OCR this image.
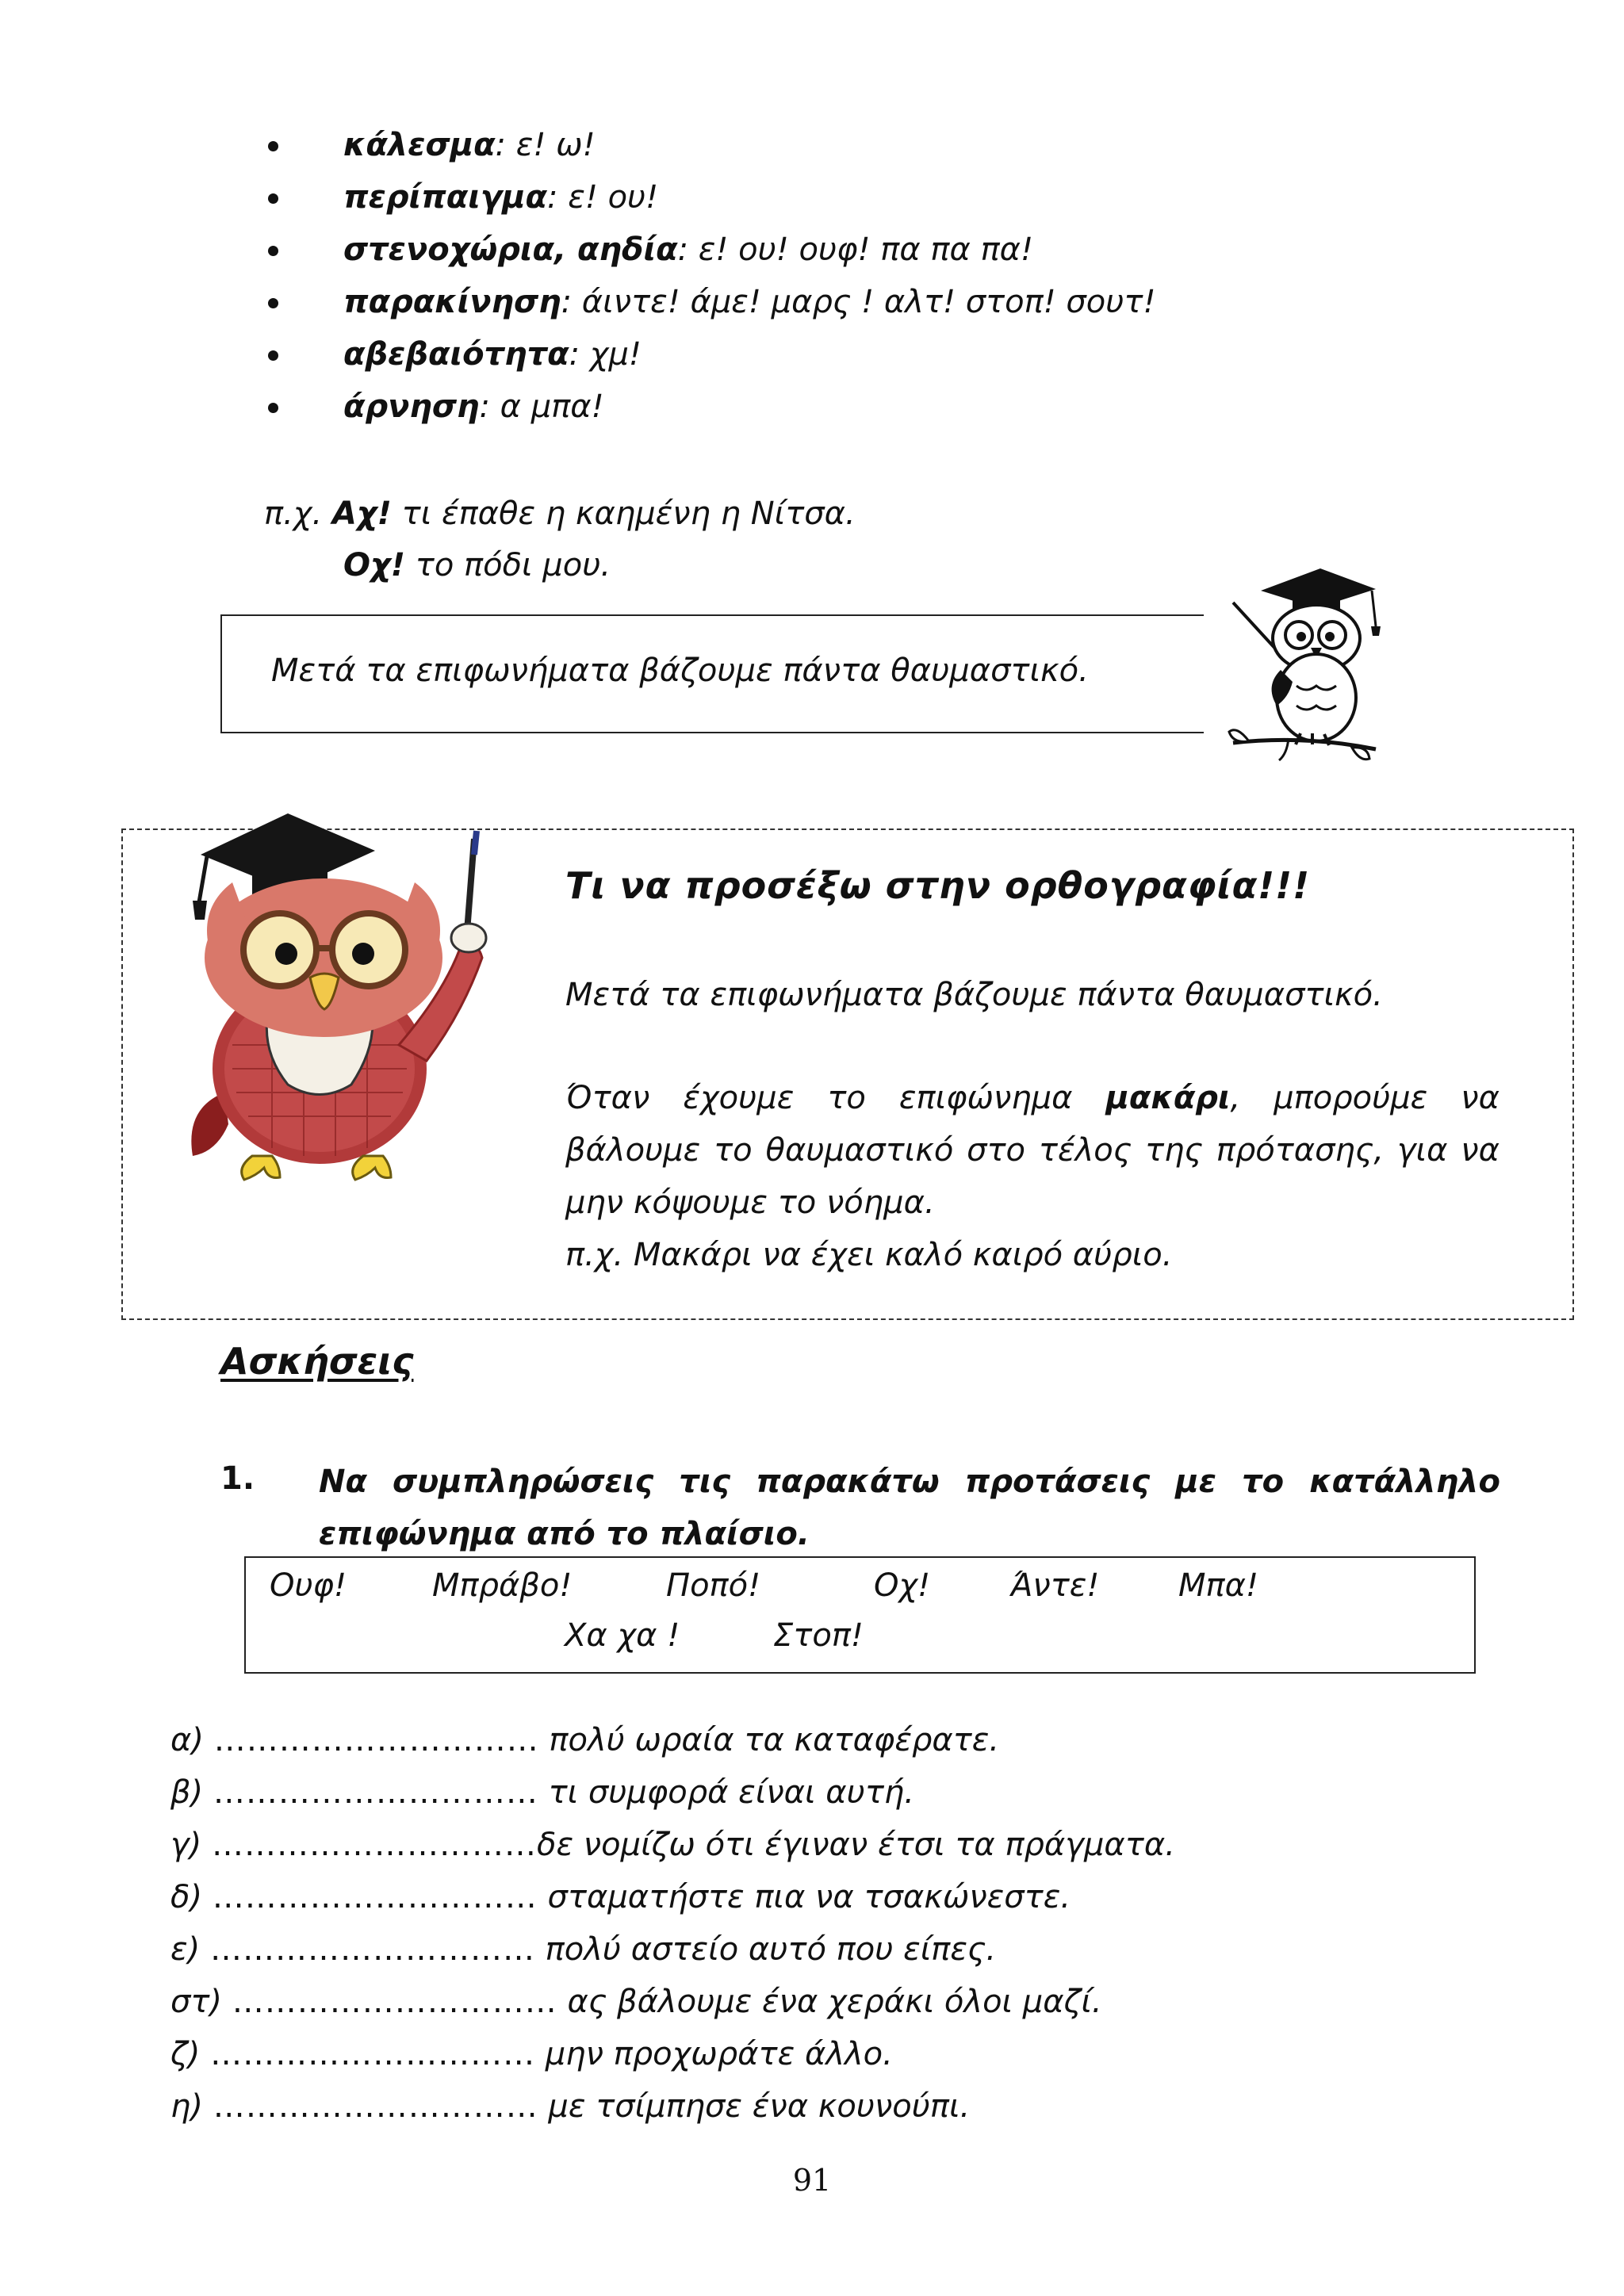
κάλεσμα: ε! ω!
περίπαιγμα: ε! ου!
στενοχώρια, αηδία: ε! ου! ουφ! πα πα πα!
παρακίνηση: άιντε! άμε! μαρς ! αλτ! στοπ! σουτ!
αβεβαιότητα: χμ!
άρνηση: α μπα!
π.χ. Αχ! τι έπαθε η καημένη η Νίτσα.
Οχ! το πόδι μου.
Μετά τα επιφωνήματα βάζουμε πάντα θαυμαστικό.
Τι να προσέξω στην ορθογραφία!!!
Μετά τα επιφωνήματα βάζουμε πάντα θαυμαστικό.
Όταν έχουμε το επιφώνημα μακάρι, μπορούμε να
βάλουμε το θαυμαστικό στο τέλος της πρότασης, για να
μην κόψουμε το νόημα.
π.χ. Μακάρι να έχει καλό καιρό αύριο.
Ασκήσεις
1. Να συμπληρώσεις τις παρακάτω προτάσεις με το κατάλληλο
επιφώνημα από το πλαίσιο.
Ουφ!	Μπράβο!	Ποπό!	Οχ!	Άντε! Μπα!
Χα χα !	Στοπ!
α) ………………………… πολύ ωραία τα καταφέρατε.
β) ………………………… τι συμφορά είναι αυτή.
γ) …………………………δε νομίζω ότι έγιναν έτσι τα πράγματα.
δ) ………………………… σταματήστε πια να τσακώνεστε.
ε) ………………………… πολύ αστείο αυτό που είπες.
στ) ………………………… ας βάλουμε ένα χεράκι όλοι μαζί.
ζ) ………………………… μην προχωράτε άλλο.
η) ………………………… με τσίμπησε ένα κουνούπι.
91
